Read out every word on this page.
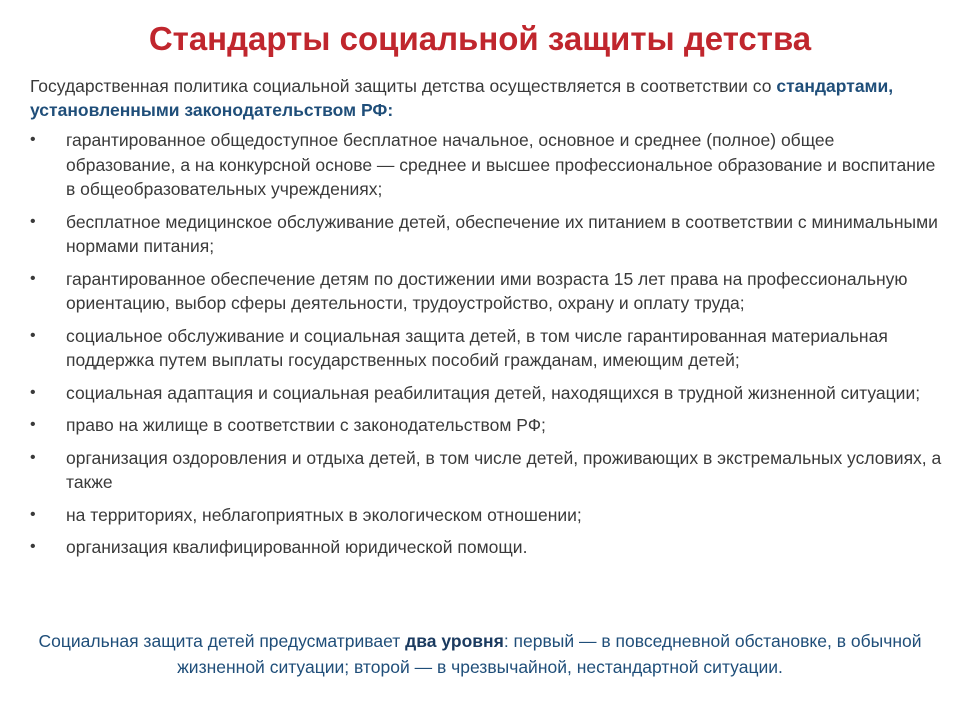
Стандарты социальной защиты детства
Государственная политика социальной защиты детства осуществляется в соответствии со стандартами, установленными законодательством РФ:
• гарантированное общедоступное бесплатное начальное, основное и среднее (полное) общее образование, а на конкурсной основе — среднее и высшее профессиональное образование и воспитание в общеобразовательных учреждениях;
• бесплатное медицинское обслуживание детей, обеспечение их питанием в соответствии с минимальными нормами питания;
• гарантированное обеспечение детям по достижении ими возраста 15 лет права на профессиональную ориентацию, выбор сферы деятельности, трудоустройство, охрану и оплату труда;
• социальное обслуживание и социальная защита детей, в том числе гарантированная материальная поддержка путем выплаты государственных пособий гражданам, имеющим детей;
• социальная адаптация и социальная реабилитация детей, находящихся в трудной жизненной ситуации;
• право на жилище в соответствии с законодательством РФ;
• организация оздоровления и отдыха детей, в том числе детей, проживающих в экстремальных условиях, а также
• на территориях, неблагоприятных в экологическом отношении;
• организация квалифицированной юридической помощи.
Социальная защита детей предусматривает два уровня: первый — в повседневной обстановке, в обычной жизненной ситуации; второй — в чрезвычайной, нестандартной ситуации.
